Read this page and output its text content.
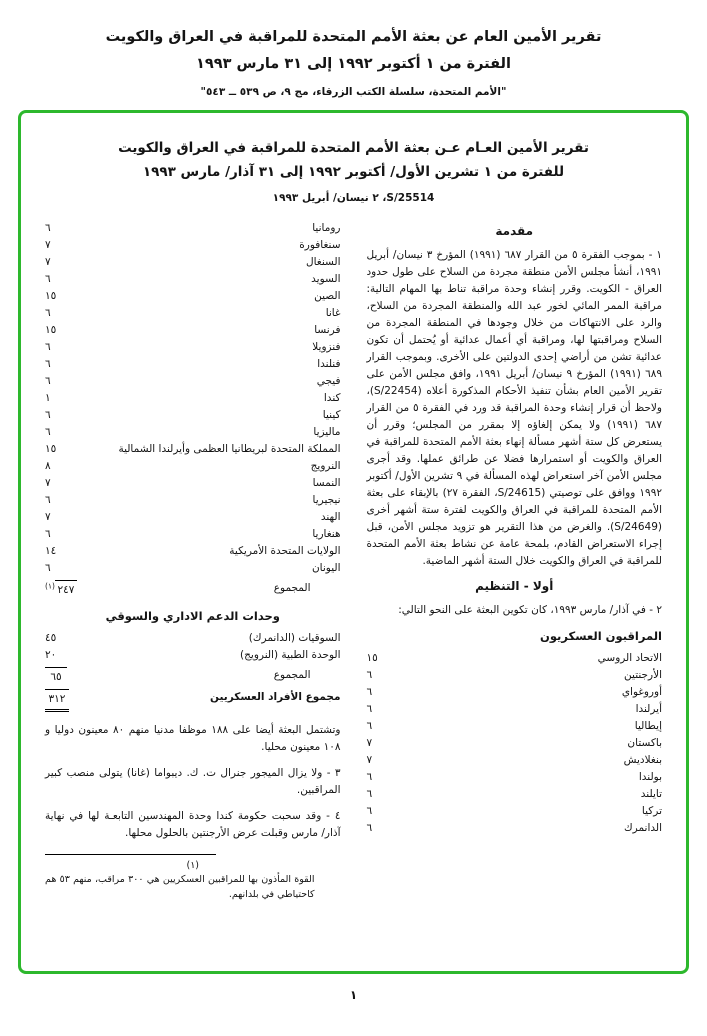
تقرير الأمين العام عن بعثة الأمم المتحدة للمراقبة في العراق والكويت
الفترة من ١ أكتوبر ١٩٩٢ إلى ٣١ مارس ١٩٩٣
"الأمم المتحدة، سلسلة الكتب الزرقاء، مج ٩، ص ٥٣٩ ــ ٥٤٣"
تقرير الأمين العـام عـن بعثة الأمم المتحدة للمراقبة في العراق والكويت
للفترة من ١ تشرين الأول/ أكتوبر ١٩٩٢ إلى ٣١ آذار/ مارس ١٩٩٣
S/25514، ٢ نيسان/ أبريل ١٩٩٣
مقدمة

١ - بموجب الفقرة ٥ من القرار ٦٨٧ (١٩٩١) المؤرخ ٣ نيسان/ أبريل ١٩٩١، أنشأ مجلس الأمن منطقة مجردة من السلاح على طول حدود العراق - الكويت. وقرر إنشاء وحدة مراقبة تناط بها المهام التالية: مراقبة الممر المائي لخور عبد الله والمنطقة المجردة من السلاح، والرد على الانتهاكات من خلال وجودها في المنطقة المجردة من السلاح ومراقبتها لها، ومراقبة أي أعمال عدائية أو يُحتمل أن تكون عدائية تشن من أراضي إحدى الدولتين على الأخرى. وبموجب القرار ٦٨٩ (١٩٩١) المؤرخ ٩ نيسان/ أبريل ١٩٩١، وافق مجلس الأمن على تقرير الأمين العام بشأن تنفيذ الأحكام المذكورة أعلاه (S/22454)، ولاحظ أن قرار إنشاء وحدة المراقبة قد ورد في الفقرة ٥ من القرار ٦٨٧ (١٩٩١) ولا يمكن إلغاؤه إلا بمقرر من المجلس؛ وقرر أن يستعرض كل ستة أشهر مسألة إنهاء بعثة الأمم المتحدة للمراقبة في العراق والكويت أو استمرارها فضلا عن طرائق عملها. وقد أجرى مجلس الأمن آخر استعراض لهذه المسألة في ٩ تشرين الأول/ أكتوبر ١٩٩٢ ووافق على توصيتي (S/24615، الفقرة ٢٧) بالإبقاء على بعثة الأمم المتحدة للمراقبة في العراق والكويت لفترة ستة أشهر أخرى (S/24649). والغرض من هذا التقرير هو تزويد مجلس الأمن، قبل إجراء الاستعراض القادم، بلمحة عامة عن نشاط بعثة الأمم المتحدة للمراقبة في العراق والكويت خلال الستة أشهر الماضية.

أولا - التنظيم

٢ - في آذار/ مارس ١٩٩٣، كان تكوين البعثة على النحو التالي:

المراقبون العسكريون
الاتحاد الروسي
١٥
الأرجنتين
٦
أوروغواي
٦
أيرلندا
٦
إيطاليا
٦
باكستان
٧
بنغلاديش
٧
بولندا
٦
تايلند
٦
تركيا
٦
الدانمرك
٦
رومانيا
٦
سنغافورة
٧
السنغال
٧
السويد
٦
الصين
١٥
غانا
٦
فرنسا
١٥
فنزويلا
٦
فنلندا
٦
فيجي
٦
كندا
١
كينيا
٦
ماليزيا
٦
المملكة المتحدة لبريطانيا العظمى وأيرلندا الشمالية
١٥
النرويج
٨
النمسا
٧
نيجيريا
٦
الهند
٧
هنغاريا
٦
الولايات المتحدة الأمريكية
١٤
اليونان
٦
المجموع
$^{(١)}$ ٢٤٧
وحدات الدعم الاداري والسوقي
السوقيات (الدانمرك)
٤٥
الوحدة الطبية (النرويج)
٢٠
المجموع
٦٥
مجموع الأفراد العسكريين
٣١٢

وتشتمل البعثة أيضا على ١٨٨ موظفا مدنيا منهم ٨٠ معينون دوليا و ١٠٨ معينون محليا.

٣ - ولا يزال الميجور جنرال ت. ك. ديبواما (غانا) يتولى منصب كبير المراقبين.

٤ - وقد سحبت حكومة كندا وحدة المهندسين التابعـة لها في نهاية آذار/ مارس وقبلت عرض الأرجنتين بالحلول محلها.

(١)

القوة المأذون بها للمراقبين العسكريين هي ٣٠٠ مراقب، منهم ٥٣ هم كاحتياطي في بلدانهم.

١
